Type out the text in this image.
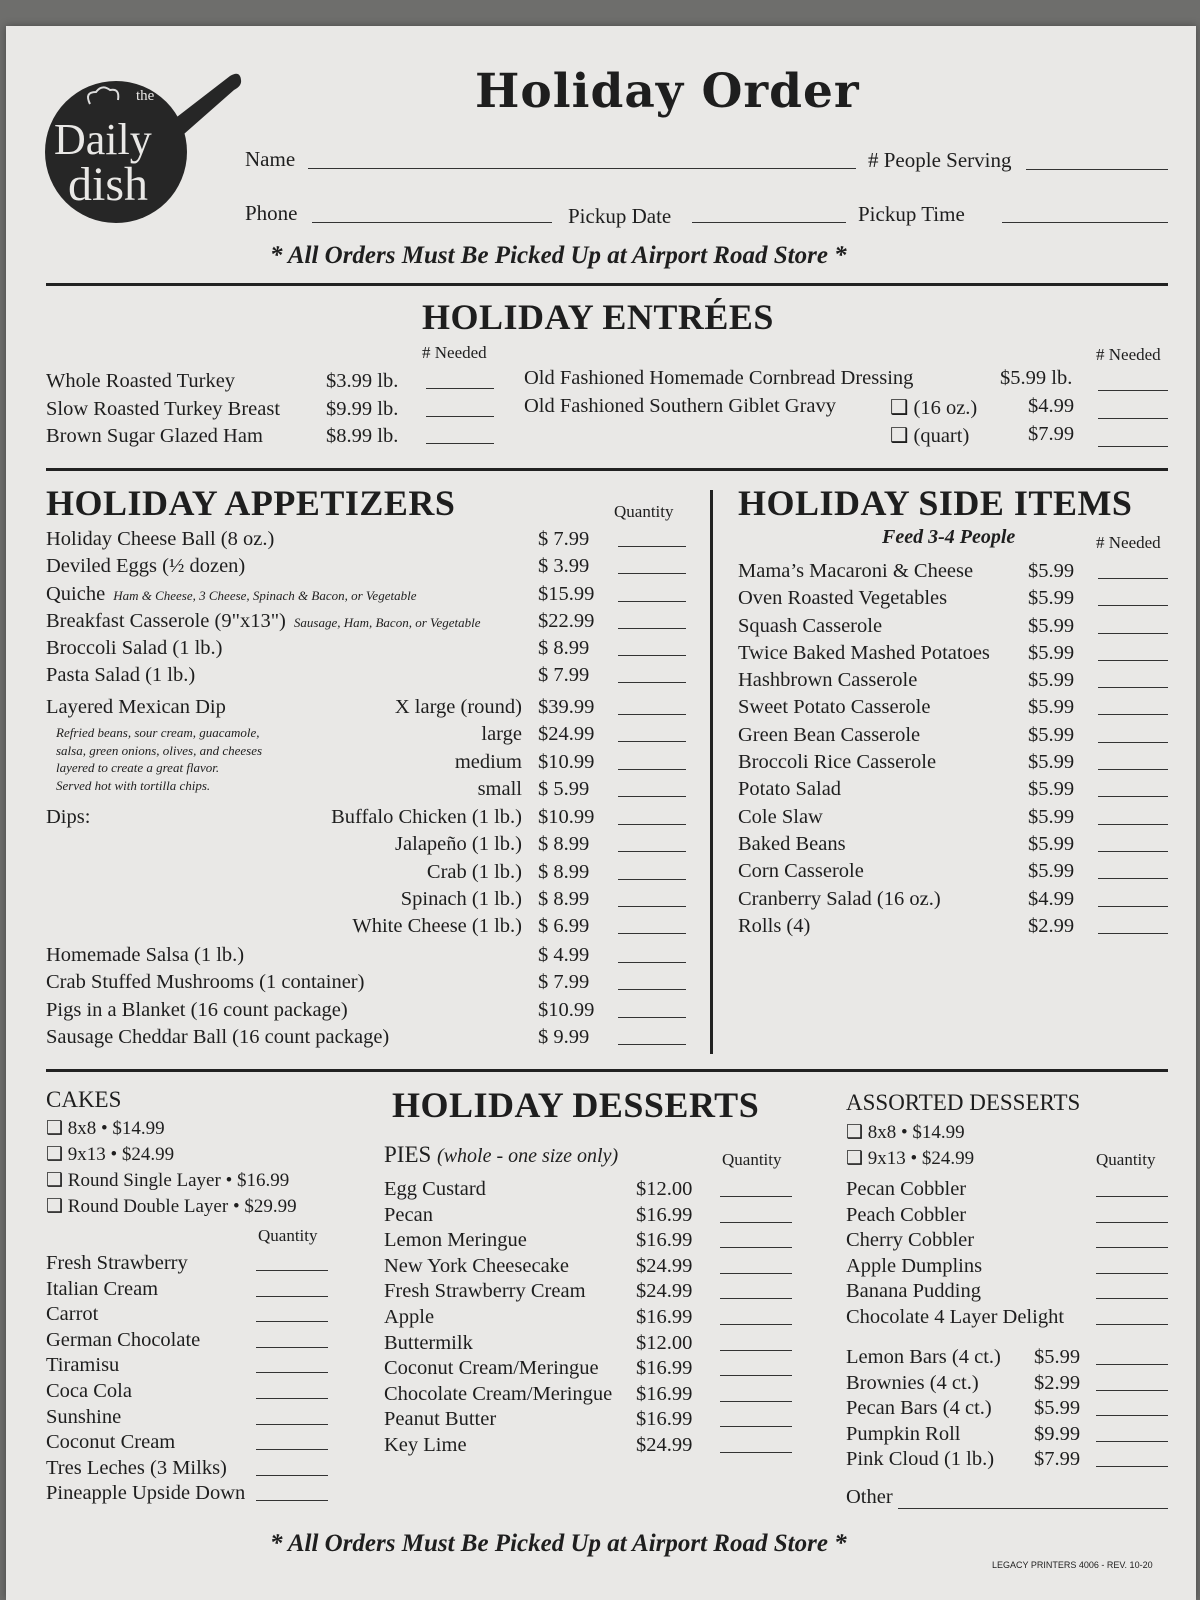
the
Daily
dish
Holiday Order
Name	# People Serving
Phone	Pickup Date	Pickup Time
* All Orders Must Be Picked Up at Airport Road Store *
HOLIDAY ENTRÉES
# Needed	# Needed
Whole Roasted Turkey	$3.99 lb.
Slow Roasted Turkey Breast $9.99 lb.
Brown Sugar Glazed Ham	$8.99 lb.
Old Fashioned Homemade Cornbread Dressing	$5.99 lb.
Old Fashioned Southern Giblet Gravy	❑ (16 oz.) $4.99
❑ (quart)	$7.99
HOLIDAY APPETIZERS	Quantity
Holiday Cheese Ball (8 oz.)	$ 7.99
Deviled Eggs (½ dozen)	$ 3.99
Quiche Ham & Cheese, 3 Cheese, Spinach & Bacon, or Vegetable	$15.99
Breakfast Casserole (9"x13") Sausage, Ham, Bacon, or Vegetable	$22.99
Broccoli Salad (1 lb.)	$ 8.99
Pasta Salad (1 lb.)	$ 7.99
Layered Mexican Dip
Refried beans, sour cream, guacamole,
salsa, green onions, olives, and cheeses
layered to create a great flavor.
Served hot with tortilla chips.
X large (round) $39.99
large $24.99
medium $10.99
small $ 5.99
Dips:	Buffalo Chicken (1 lb.) $10.99
Jalapeño (1 lb.) $ 8.99
Crab (1 lb.) $ 8.99
Spinach (1 lb.) $ 8.99
White Cheese (1 lb.) $ 6.99
Homemade Salsa (1 lb.)	$ 4.99
Crab Stuffed Mushrooms (1 container)	$ 7.99
Pigs in a Blanket (16 count package)	$10.99
Sausage Cheddar Ball (16 count package)	$ 9.99
HOLIDAY SIDE ITEMS
Feed 3-4 People	# Needed
Mama’s Macaroni & Cheese	$5.99
Oven Roasted Vegetables	$5.99
Squash Casserole	$5.99
Twice Baked Mashed Potatoes $5.99
Hashbrown Casserole	$5.99
Sweet Potato Casserole	$5.99
Green Bean Casserole	$5.99
Broccoli Rice Casserole	$5.99
Potato Salad	$5.99
Cole Slaw	$5.99
Baked Beans	$5.99
Corn Casserole	$5.99
Cranberry Salad (16 oz.)	$4.99
Rolls (4)	$2.99
HOLIDAY DESSERTS
CAKES
❑ 8x8 • $14.99
❑ 9x13 • $24.99
❑ Round Single Layer • $16.99
❑ Round Double Layer • $29.99
Quantity
Fresh Strawberry
Italian Cream
Carrot
German Chocolate
Tiramisu
Coca Cola
Sunshine
Coconut Cream
Tres Leches (3 Milks)
Pineapple Upside Down
PIES (whole - one size only)	Quantity
Egg Custard	$12.00
Pecan	$16.99
Lemon Meringue	$16.99
New York Cheesecake	$24.99
Fresh Strawberry Cream $24.99
Apple	$16.99
Buttermilk	$12.00
Coconut Cream/Meringue $16.99
Chocolate Cream/Meringue $16.99
Peanut Butter	$16.99
Key Lime	$24.99
ASSORTED DESSERTS
❑ 8x8 • $14.99
❑ 9x13 • $24.99	Quantity
Pecan Cobbler
Peach Cobbler
Cherry Cobbler
Apple Dumplins
Banana Pudding
Chocolate 4 Layer Delight
Lemon Bars (4 ct.) $5.99
Brownies (4 ct.)	$2.99
Pecan Bars (4 ct.) $5.99
Pumpkin Roll	$9.99
Pink Cloud (1 lb.) $7.99
Other
* All Orders Must Be Picked Up at Airport Road Store *
LEGACY PRINTERS 4006 - REV. 10-20
